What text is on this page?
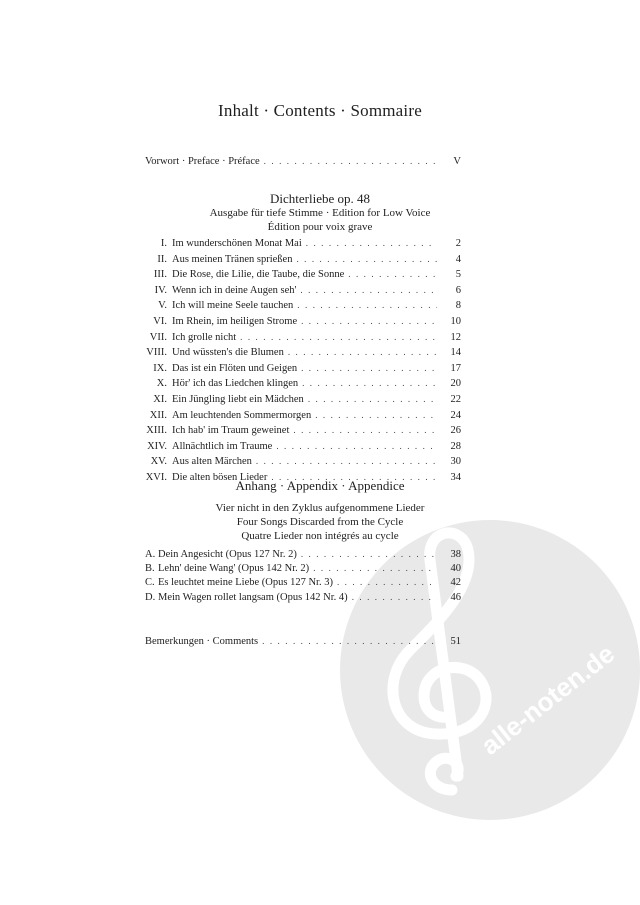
alle-noten.de
Inhalt · Contents · Sommaire
Vorwort · Preface · Préface . . .	V
Dichterliebe op. 48
Ausgabe für tiefe Stimme · Edition for Low Voice
Édition pour voix grave
I. Im wunderschönen Monat Mai . . .	2
II. Aus meinen Tränen sprießen . . .	4
III. Die Rose, die Lilie, die Taube, die Sonne . . .	5
IV. Wenn ich in deine Augen seh' . . .	6
V. Ich will meine Seele tauchen . . .	8
VI. Im Rhein, im heiligen Strome . . .	10
VII. Ich grolle nicht . . .	12
VIII. Und wüssten's die Blumen . . .	14
IX. Das ist ein Flöten und Geigen . . .	17
X. Hör' ich das Liedchen klingen . . .	20
XI. Ein Jüngling liebt ein Mädchen . . .	22
XII. Am leuchtenden Sommermorgen . . .	24
XIII. Ich hab' im Traum geweinet . . .	26
XIV. Allnächtlich im Traume . . .	28
XV. Aus alten Märchen . . .	30
XVI. Die alten bösen Lieder . . .	34
Anhang · Appendix · Appendice
Vier nicht in den Zyklus aufgenommene Lieder
Four Songs Discarded from the Cycle
Quatre Lieder non intégrés au cycle
A. Dein Angesicht (Opus 127 Nr. 2) . . .	38
B. Lehn' deine Wang' (Opus 142 Nr. 2) . . .	40
C. Es leuchtet meine Liebe (Opus 127 Nr. 3) . . .	42
D. Mein Wagen rollet langsam (Opus 142 Nr. 4) . . .	46
Bemerkungen · Comments . . .	51
